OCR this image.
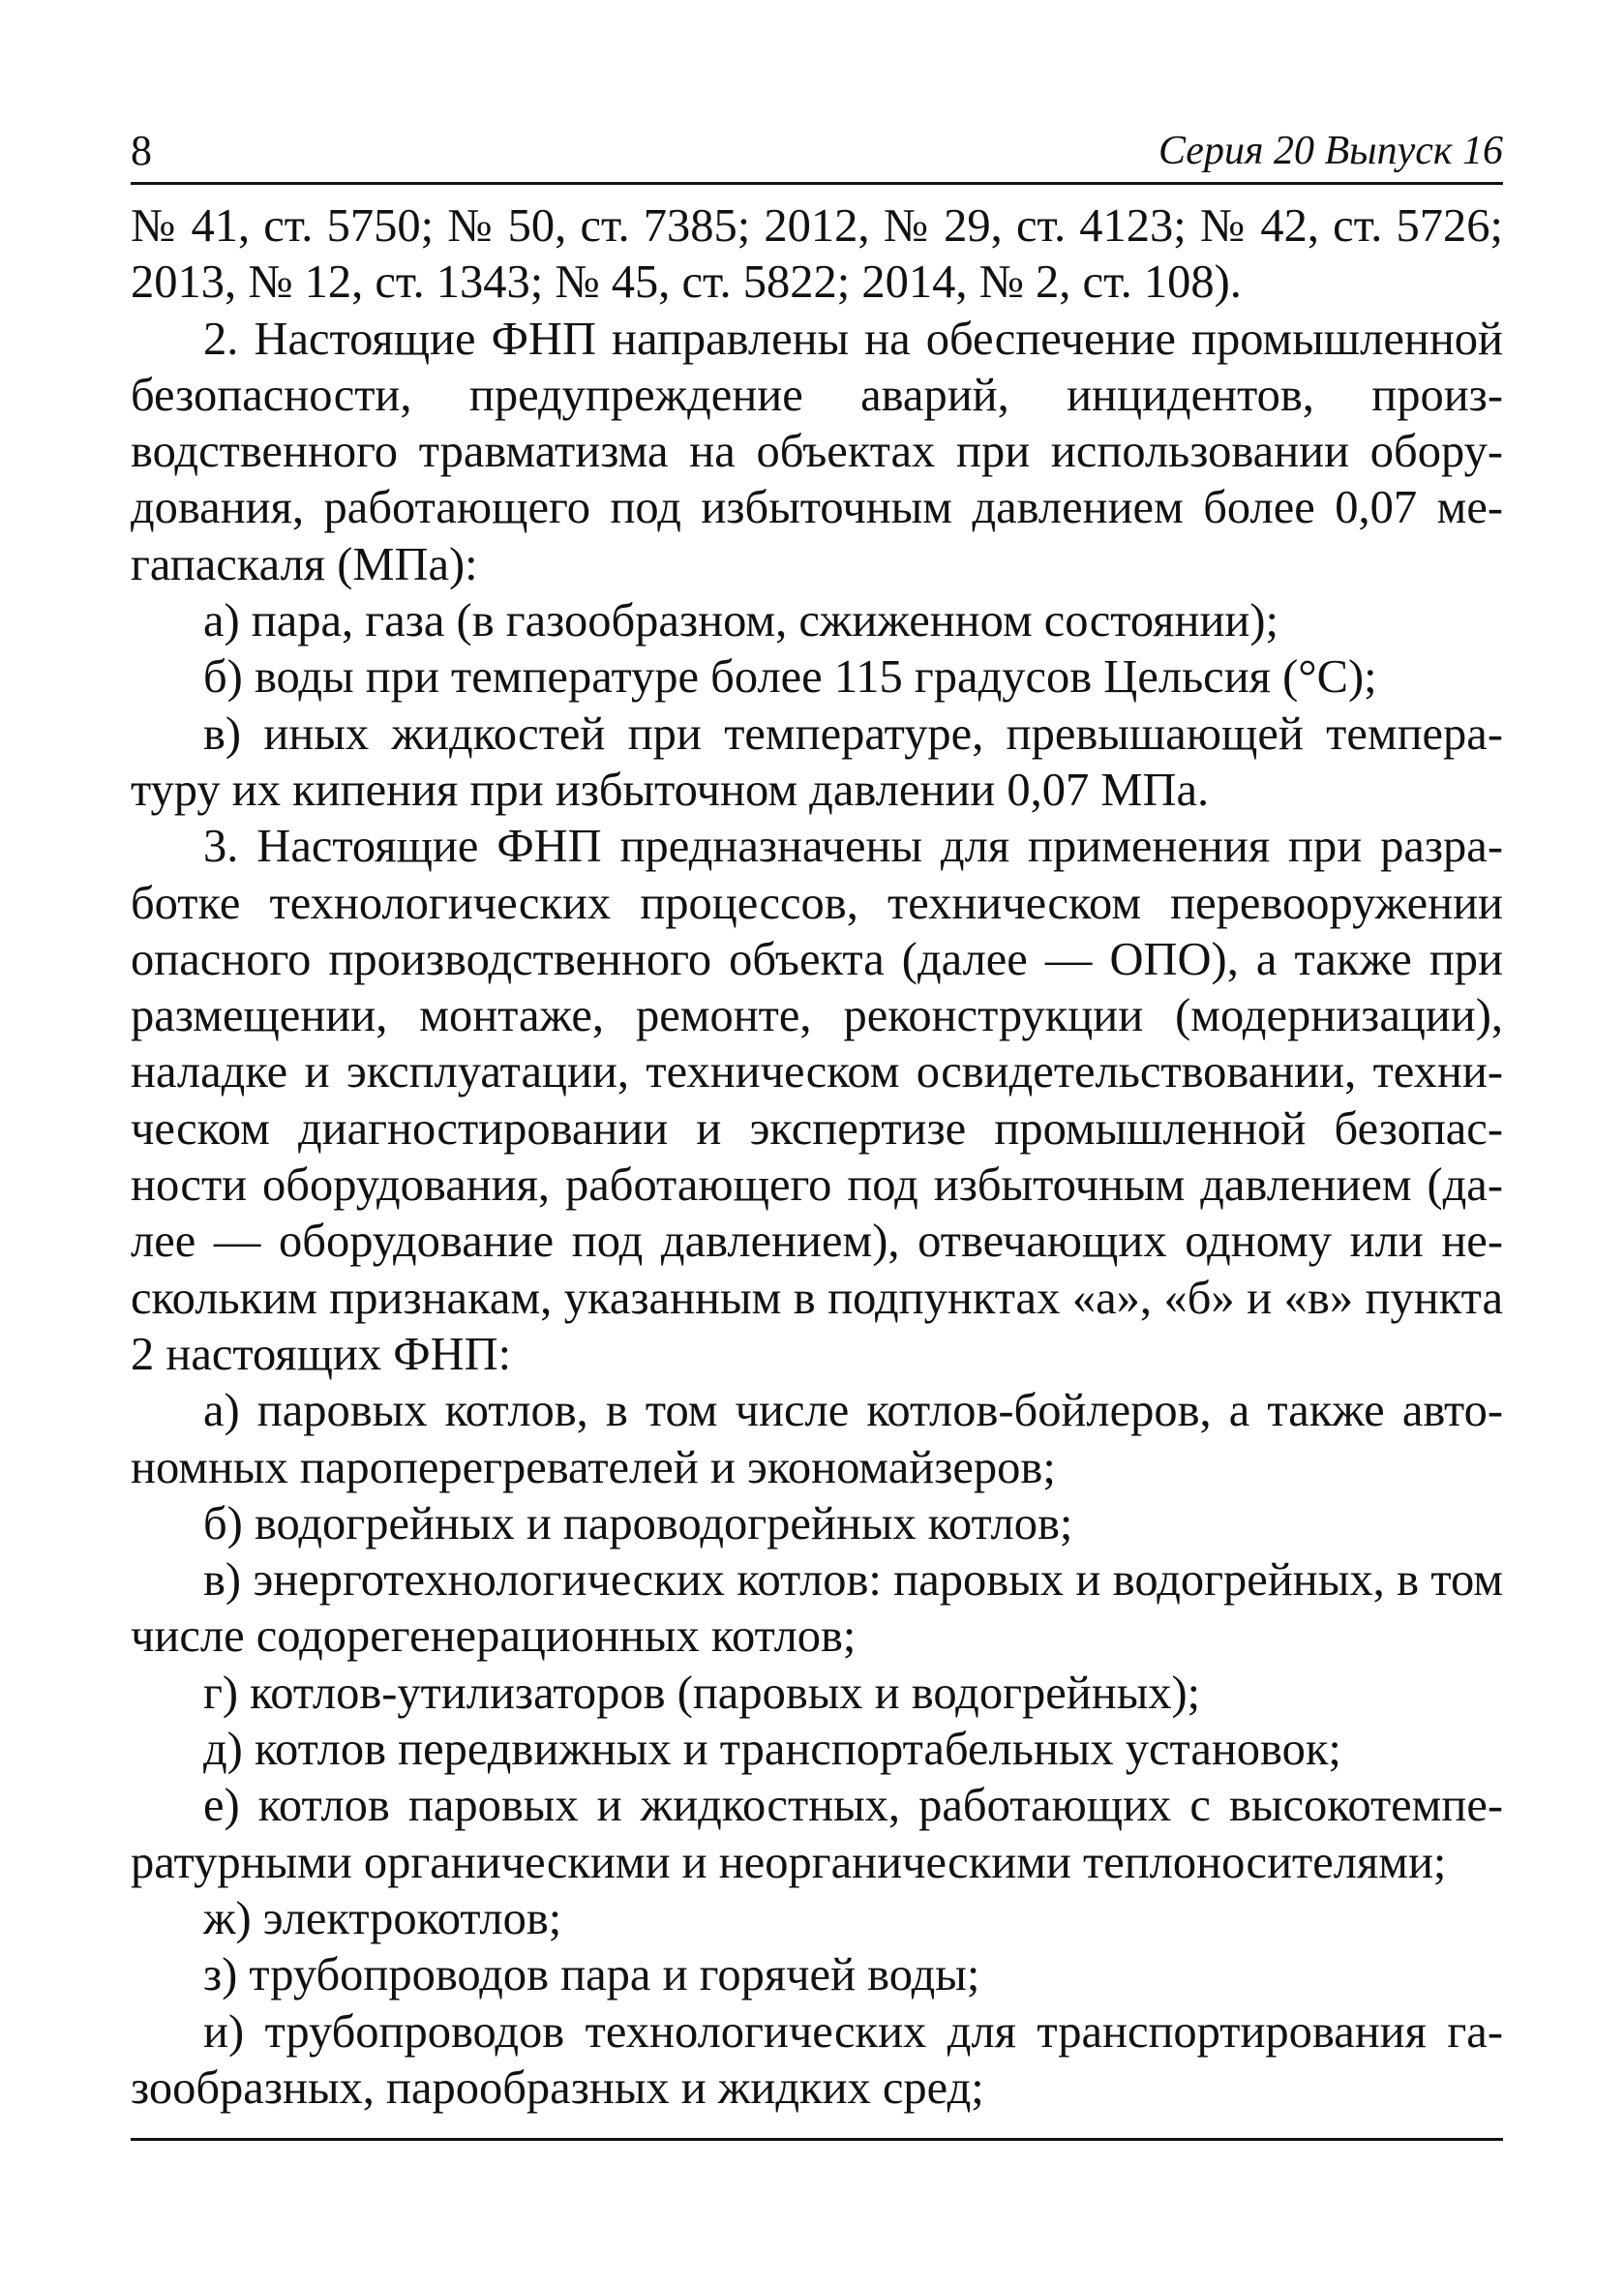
8	Серия 20 Выпуск 16

№ 41, ст. 5750; № 50, ст. 7385; 2012, № 29, ст. 4123; № 42, ст. 5726; 2013, № 12, ст. 1343; № 45, ст. 5822; 2014, № 2, ст. 108).

2. Настоящие ФНП направлены на обеспечение промышленной безопасности, предупреждение аварий, инцидентов, производственного травматизма на объектах при использовании оборудования, работающего под избыточным давлением более 0,07 мегапаскаля (МПа):

а) пара, газа (в газообразном, сжиженном состоянии);

б) воды при температуре более 115 градусов Цельсия (°С);

в) иных жидкостей при температуре, превышающей температуру их кипения при избыточном давлении 0,07 МПа.

3. Настоящие ФНП предназначены для применения при разработке технологических процессов, техническом перевооружении опасного производственного объекта (далее — ОПО), а также при размещении, монтаже, ремонте, реконструкции (модернизации), наладке и эксплуатации, техническом освидетельствовании, техническом диагностировании и экспертизе промышленной безопасности оборудования, работающего под избыточным давлением (далее — оборудование под давлением), отвечающих одному или нескольким признакам, указанным в подпунктах «а», «б» и «в» пункта 2 настоящих ФНП:

а) паровых котлов, в том числе котлов-бойлеров, а также автономных пароперегревателей и экономайзеров;

б) водогрейных и пароводогрейных котлов;

в) энерготехнологических котлов: паровых и водогрейных, в том числе содорегенерационных котлов;

г) котлов-утилизаторов (паровых и водогрейных);

д) котлов передвижных и транспортабельных установок;

е) котлов паровых и жидкостных, работающих с высокотемпературными органическими и неорганическими теплоносителями;

ж) электрокотлов;

з) трубопроводов пара и горячей воды;

и) трубопроводов технологических для транспортирования газообразных, парообразных и жидких сред;
